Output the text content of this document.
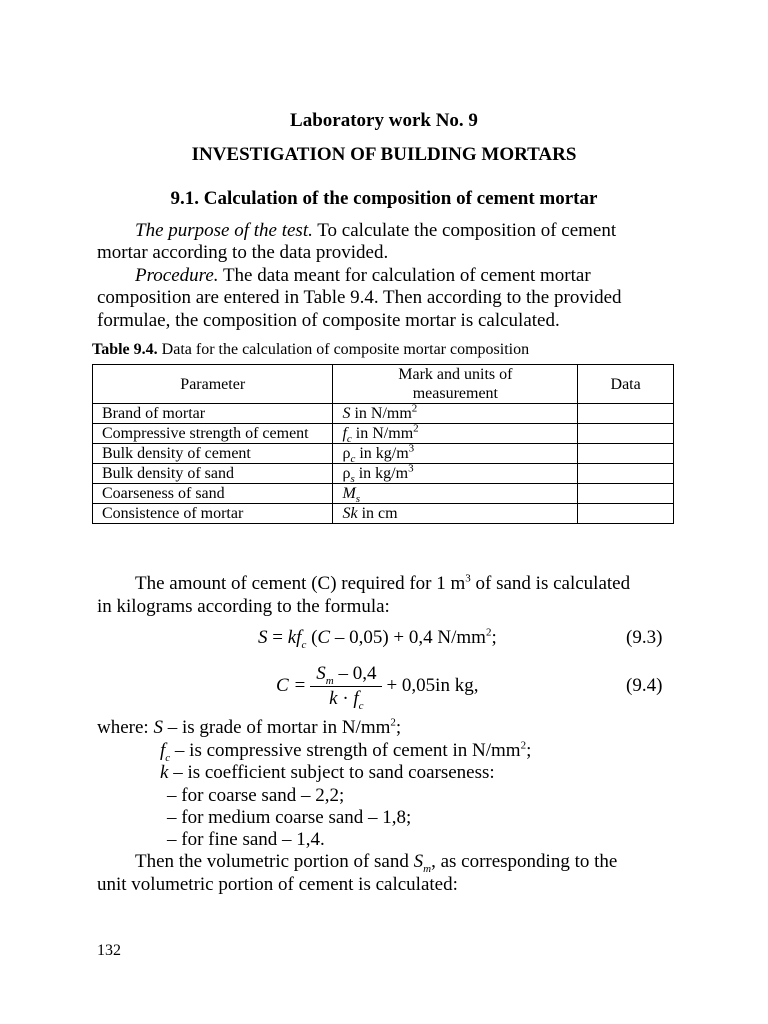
Laboratory work No. 9
INVESTIGATION OF BUILDING MORTARS
9.1. Calculation of the composition of cement mortar
The purpose of the test. To calculate the composition of cement
mortar according to the data provided.
Procedure. The data meant for calculation of cement mortar
composition are entered in Table 9.4. Then according to the provided
formulae, the composition of composite mortar is calculated.
Table 9.4. Data for the calculation of composite mortar composition
Parameter	Mark and units of measurement	Data
Brand of mortar	S in $N/mm^2$	
Compressive strength of cement	$f_c$ in $N/mm^2$	
Bulk density of cement	$\rho_c$ in $kg/m^3$	
Bulk density of sand	$\rho_s$ in $kg/m^3$	
Coarseness of sand	$M_s$	
Consistence of mortar	Sk in cm	
The amount of cement (C) required for 1 $m^3$ of sand is calculated
in kilograms according to the formula:
$S = kf_c$ (C – 0,05) + 0,4 $N/mm^2$;	(9.3)
$C = \frac{S_m - 0,4}{k \cdot f_c} + 0,05$ in kg,	(9.4)
where: S – is grade of mortar in $N/mm^2$;
$f_c$ – is compressive strength of cement in $N/mm^2$;
k – is coefficient subject to sand coarseness:
– for coarse sand – 2,2;
– for medium coarse sand – 1,8;
– for fine sand – 1,4.
Then the volumetric portion of sand $S_m$, as corresponding to the
unit volumetric portion of cement is calculated:
132
